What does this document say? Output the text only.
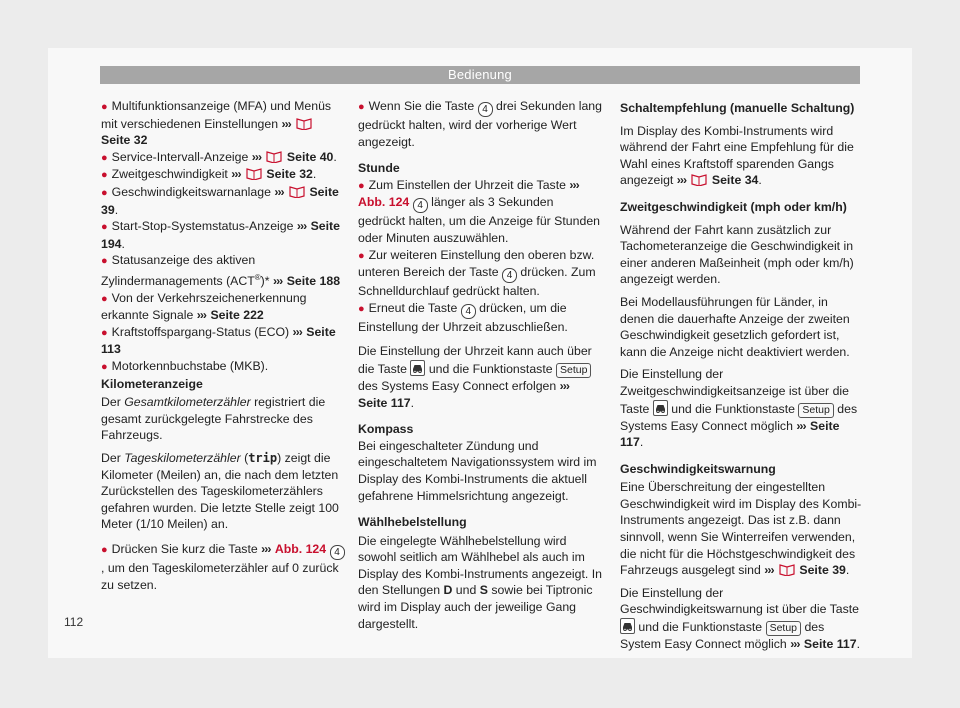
Bedienung

● Multifunktionsanzeige (MFA) und Menüs mit verschiedenen Einstellungen ›››  Seite 32

● Service-Intervall-Anzeige ››› Seite 40.

● Zweitgeschwindigkeit ››› Seite 32.

● Geschwindigkeitswarnanlage ››› Seite 39.

● Start-Stop-Systemstatus-Anzeige ››› Seite 194.

● Statusanzeige des aktiven Zylindermanagements (ACT®)* ››› Seite 188

● Von der Verkehrszeichenerkennung erkannte Signale ››› Seite 222

● Kraftstoffspargang-Status (ECO) ››› Seite 113

● Motorkennbuchstabe (MKB).

Kilometeranzeige

Der Gesamtkilometerzähler registriert die gesamt zurückgelegte Fahrstrecke des Fahrzeugs.

Der Tageskilometerzähler (trip) zeigt die Kilometer (Meilen) an, die nach dem letzten Zurückstellen des Tageskilometerzählers gefahren wurden. Die letzte Stelle zeigt 100 Meter (1/10 Meilen) an.

● Drücken Sie kurz die Taste ››› Abb. 124 4, um den Tageskilometerzähler auf 0 zurück zu setzen.

● Wenn Sie die Taste 4 drei Sekunden lang gedrückt halten, wird der vorherige Wert angezeigt.

Stunde

● Zum Einstellen der Uhrzeit die Taste ››› Abb. 124 4 länger als 3 Sekunden gedrückt halten, um die Anzeige für Stunden oder Minuten auszuwählen.

● Zur weiteren Einstellung den oberen bzw. unteren Bereich der Taste 4 drücken. Zum Schnelldurchlauf gedrückt halten.

● Erneut die Taste 4 drücken, um die Einstellung der Uhrzeit abzuschließen.

Die Einstellung der Uhrzeit kann auch über die Taste
und die Funktionstaste Setup des Systems Easy Connect erfolgen ››› Seite 117.

Kompass

Bei eingeschalteter Zündung und eingeschaltetem Navigationssystem wird im Display des Kombi-Instruments die aktuell gefahrene Himmelsrichtung angezeigt.

Wählhebelstellung

Die eingelegte Wählhebelstellung wird sowohl seitlich am Wählhebel als auch im Display des Kombi-Instruments angezeigt. In den Stellungen D und S sowie bei Tiptronic wird im Display auch der jeweilige Gang dargestellt.

Schaltempfehlung (manuelle Schaltung)

Im Display des Kombi-Instruments wird während der Fahrt eine Empfehlung für die Wahl eines Kraftstoff sparenden Gangs angezeigt ››› Seite 34.

Zweitgeschwindigkeit (mph oder km/h)

Während der Fahrt kann zusätzlich zur Tachometeranzeige die Geschwindigkeit in einer anderen Maßeinheit (mph oder km/h) angezeigt werden.

Bei Modellausführungen für Länder, in denen die dauerhafte Anzeige der zweiten Geschwindigkeit gesetzlich gefordert ist, kann die Anzeige nicht deaktiviert werden.

Die Einstellung der Zweitgeschwindigkeitsanzeige ist über die Taste
und die Funktionstaste Setup des Systems Easy Connect möglich ››› Seite 117.

Geschwindigkeitswarnung

Eine Überschreitung der eingestellten Geschwindigkeit wird im Display des Kombi-Instruments angezeigt. Das ist z.B. dann sinnvoll, wenn Sie Winterreifen verwenden, die nicht für die Höchstgeschwindigkeit des Fahrzeugs ausgelegt sind ››› Seite 39.

Die Einstellung der Geschwindigkeitswarnung ist über die Taste
und die Funktionstaste Setup des System Easy Connect möglich ››› Seite 117.

112
